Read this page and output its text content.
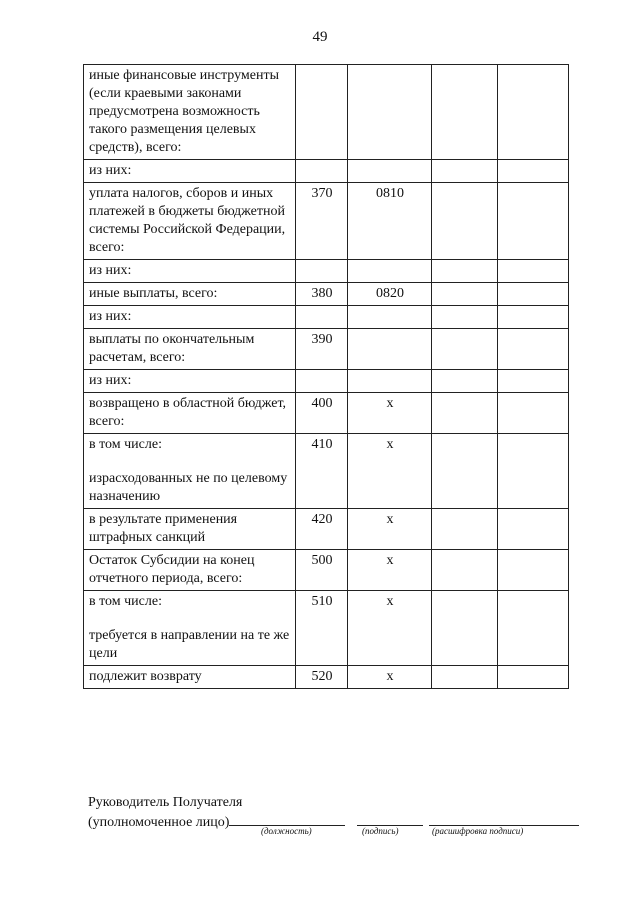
49
иные финансовые инструменты (если краевыми законами предусмотрена возможность такого размещения целевых средств), всего:				

из них:				

уплата налогов, сборов и иных платежей в бюджеты бюджетной системы Российской Федерации, всего:	370	0810		

из них:				

иные выплаты, всего:	380	0820		

из них:				

выплаты по окончательным расчетам, всего:	390			

из них:				

возвращено в областной бюджет, всего:	400	х		

в том числе:
израсходованных не по целевому назначению	410	х		

в результате применения штрафных санкций	420	х		

Остаток Субсидии на конец отчетного периода, всего:	500	х		

в том числе:
требуется в направлении на те же цели	510	х		

подлежит возврату	520	х		
Руководитель Получателя
(уполномоченное лицо)
(должность)	(подпись)	(расшифровка подписи)
